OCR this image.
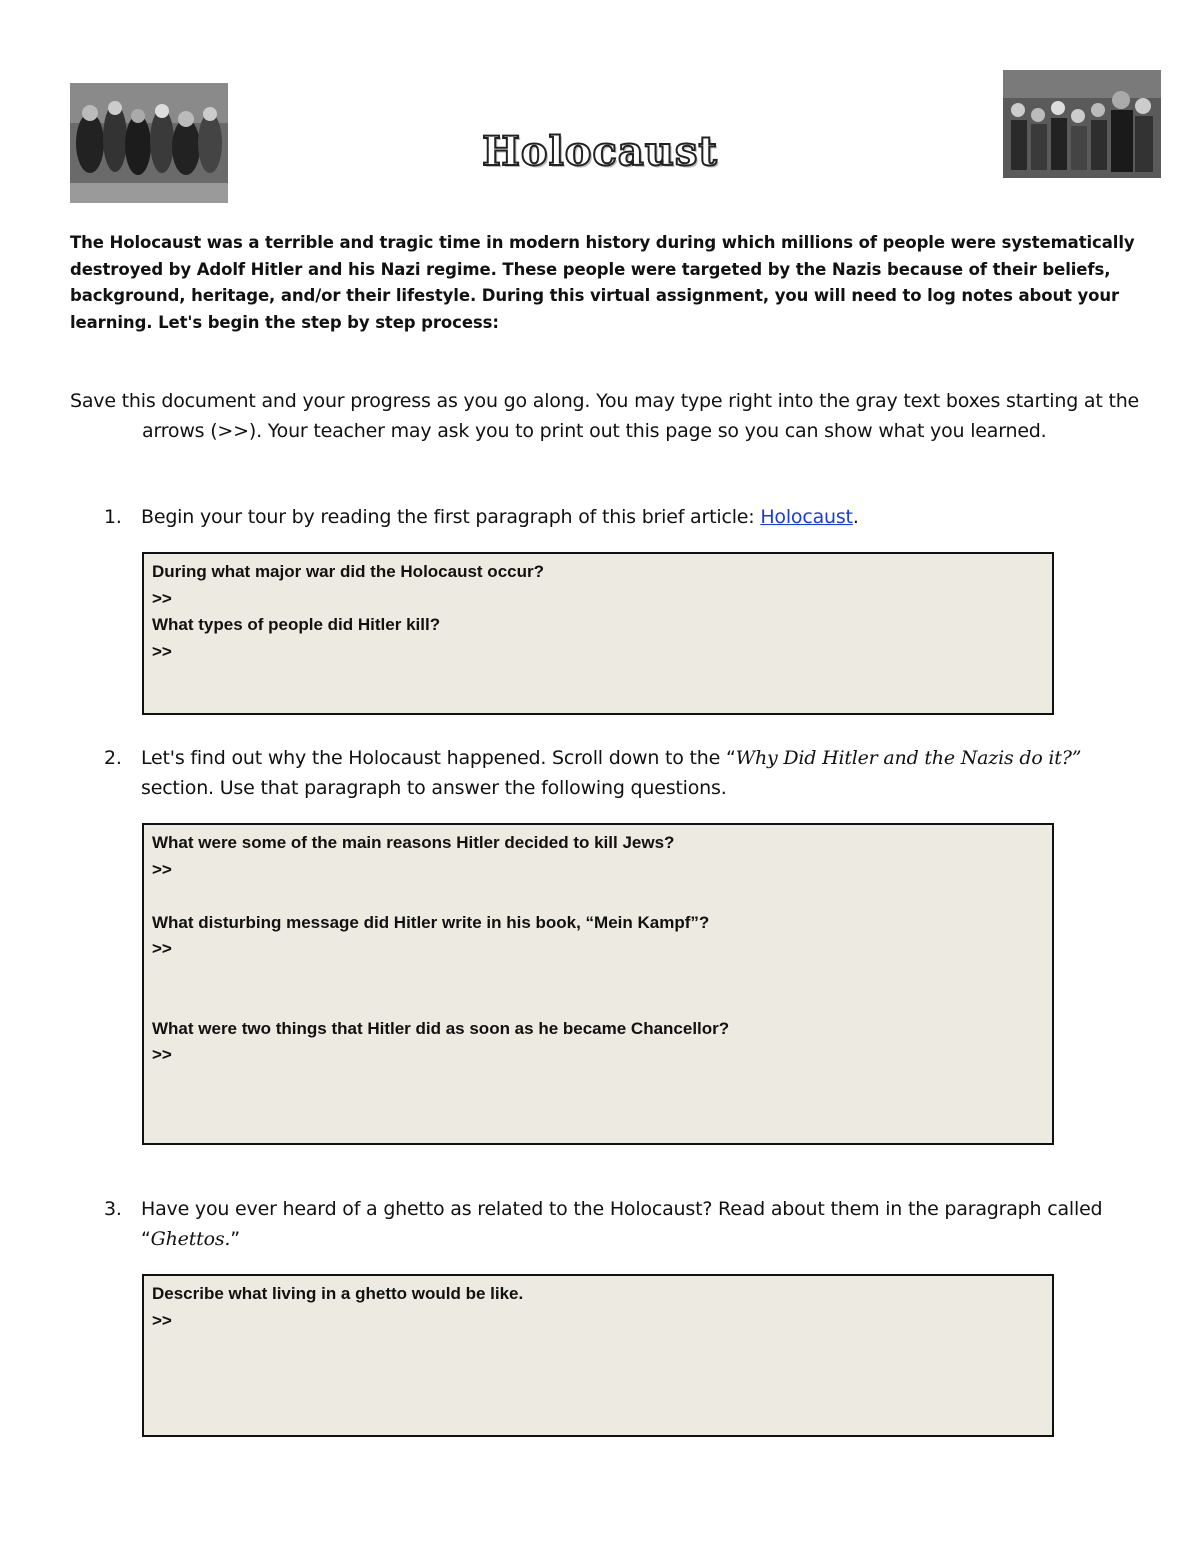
Holocaust
The Holocaust was a terrible and tragic time in modern history during which millions of people were systematically destroyed by Adolf Hitler and his Nazi regime. These people were targeted by the Nazis because of their beliefs, background, heritage, and/or their lifestyle. During this virtual assignment, you will need to log notes about your learning. Let's begin the step by step process:
Save this document and your progress as you go along. You may type right into the gray text boxes starting at the arrows (>>). Your teacher may ask you to print out this page so you can show what you learned.
1.	Begin your tour by reading the first paragraph of this brief article: Holocaust.
During what major war did the Holocaust occur?
>>
What types of people did Hitler kill?
>>
2.	Let's find out why the Holocaust happened. Scroll down to the “Why Did Hitler and the Nazis do it?” section. Use that paragraph to answer the following questions.
What were some of the main reasons Hitler decided to kill Jews?
>>
What disturbing message did Hitler write in his book, “Mein Kampf”?
>>
What were two things that Hitler did as soon as he became Chancellor?
>>
3.	Have you ever heard of a ghetto as related to the Holocaust? Read about them in the paragraph called “Ghettos.”
Describe what living in a ghetto would be like.
>>
